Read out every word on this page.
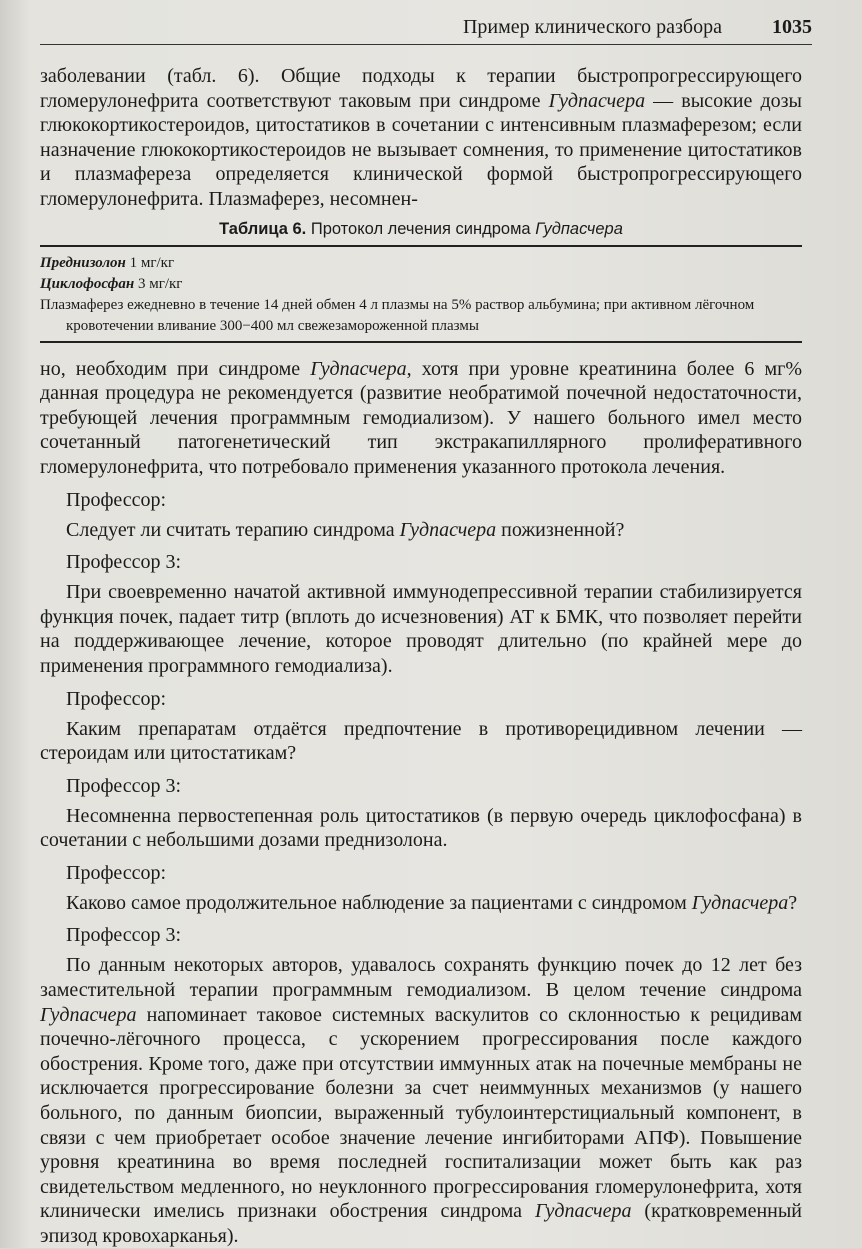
Пример клинического разбора	1035

заболевании (табл. 6). Общие подходы к терапии быстропрогрессирующего гломерулонефрита соответствуют таковым при синдроме Гудпасчера — высокие дозы глюкокортикостероидов, цитостатиков в сочетании с интенсивным плазмаферезом; если назначение глюкокортикостероидов не вызывает сомнения, то применение цитостатиков и плазмафереза определяется клинической формой быстропрогрессирующего гломерулонефрита. Плазмаферез, несомнен-

Таблица 6. Протокол лечения синдрома Гудпасчера
Преднизолон 1 мг/кг
Циклофосфан 3 мг/кг
Плазмаферез ежедневно в течение 14 дней обмен 4 л плазмы на 5% раствор альбумина; при активном лёгочном кровотечении вливание 300−400 мл свежезамороженной плазмы

но, необходим при синдроме Гудпасчера, хотя при уровне креатинина более 6 мг% данная процедура не рекомендуется (развитие необратимой почечной недостаточности, требующей лечения программным гемодиализом). У нашего больного имел место сочетанный патогенетический тип экстракапиллярного пролиферативного гломерулонефрита, что потребовало применения указанного протокола лечения.

Профессор:

Следует ли считать терапию синдрома Гудпасчера пожизненной?

Профессор 3:

При своевременно начатой активной иммунодепрессивной терапии стабилизируется функция почек, падает титр (вплоть до исчезновения) АТ к БМК, что позволяет перейти на поддерживающее лечение, которое проводят длительно (по крайней мере до применения программного гемодиализа).

Профессор:

Каким препаратам отдаётся предпочтение в противорецидивном лечении — стероидам или цитостатикам?

Профессор 3:

Несомненна первостепенная роль цитостатиков (в первую очередь циклофосфана) в сочетании с небольшими дозами преднизолона.

Профессор:

Каково самое продолжительное наблюдение за пациентами с синдромом Гудпасчера?

Профессор 3:

По данным некоторых авторов, удавалось сохранять функцию почек до 12 лет без заместительной терапии программным гемодиализом. В целом течение синдрома Гудпасчера напоминает таковое системных васкулитов со склонностью к рецидивам почечно-лёгочного процесса, с ускорением прогрессирования после каждого обострения. Кроме того, даже при отсутствии иммунных атак на почечные мембраны не исключается прогрессирование болезни за счет неиммунных механизмов (у нашего больного, по данным биопсии, выраженный тубулоинтерстициальный компонент, в связи с чем приобретает особое значение лечение ингибиторами АПФ). Повышение уровня креатинина во время последней госпитализации может быть как раз свидетельством медленного, но неуклонного прогрессирования гломерулонефрита, хотя клинически имелись признаки обострения синдрома Гудпасчера (кратковременный эпизод кровохарканья).
